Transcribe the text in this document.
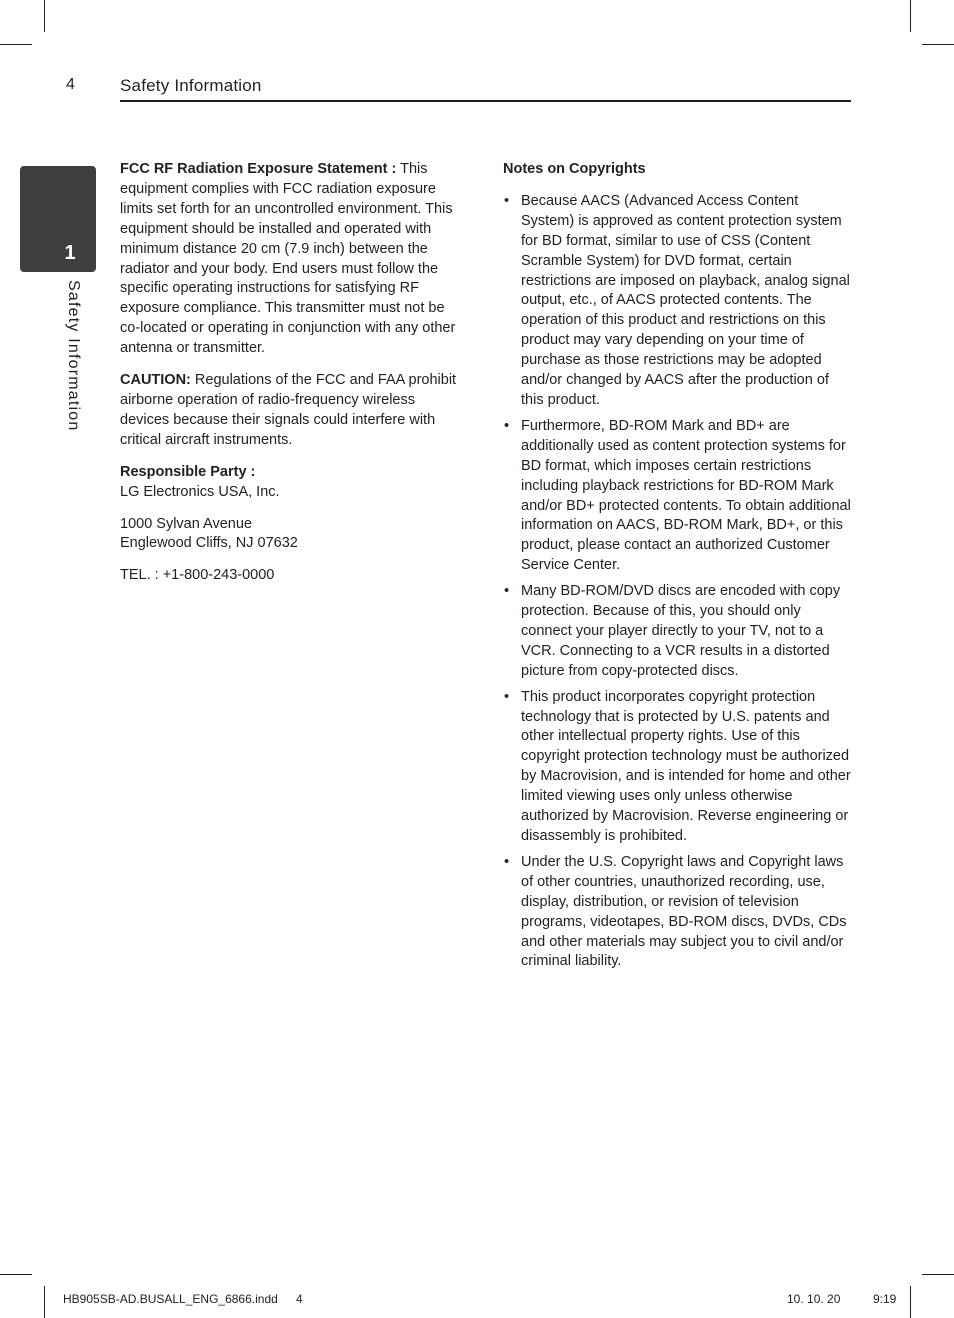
4	Safety Information
1
Safety Information

FCC RF Radiation Exposure Statement : This equipment complies with FCC radiation exposure limits set forth for an uncontrolled environment. This equipment should be installed and operated with minimum distance 20 cm (7.9 inch) between the radiator and your body. End users must follow the specific operating instructions for satisfying RF exposure compliance. This transmitter must not be co-located or operating in conjunction with any other antenna or transmitter.

CAUTION: Regulations of the FCC and FAA prohibit airborne operation of radio-frequency wireless devices because their signals could interfere with critical aircraft instruments.

Responsible Party :
LG Electronics USA, Inc.

1000 Sylvan Avenue
Englewood Cliffs, NJ 07632

TEL. : +1-800-243-0000

Notes on Copyrights

• Because AACS (Advanced Access Content System) is approved as content protection system for BD format, similar to use of CSS (Content Scramble System) for DVD format, certain restrictions are imposed on playback, analog signal output, etc., of AACS protected contents. The operation of this product and restrictions on this product may vary depending on your time of purchase as those restrictions may be adopted and/or changed by AACS after the production of this product.
• Furthermore, BD-ROM Mark and BD+ are additionally used as content protection systems for BD format, which imposes certain restrictions including playback restrictions for BD-ROM Mark and/or BD+ protected contents. To obtain additional information on AACS, BD-ROM Mark, BD+, or this product, please contact an authorized Customer Service Center.
• Many BD-ROM/DVD discs are encoded with copy protection. Because of this, you should only connect your player directly to your TV, not to a VCR. Connecting to a VCR results in a distorted picture from copy-protected discs.
• This product incorporates copyright protection technology that is protected by U.S. patents and other intellectual property rights. Use of this copyright protection technology must be authorized by Macrovision, and is intended for home and other limited viewing uses only unless otherwise authorized by Macrovision. Reverse engineering or disassembly is prohibited.
• Under the U.S. Copyright laws and Copyright laws of other countries, unauthorized recording, use, display, distribution, or revision of television programs, videotapes, BD-ROM discs, DVDs, CDs and other materials may subject you to civil and/or criminal liability.
HB905SB-AD.BUSALL_ENG_6866.indd 4	10. 10. 20	9:19
